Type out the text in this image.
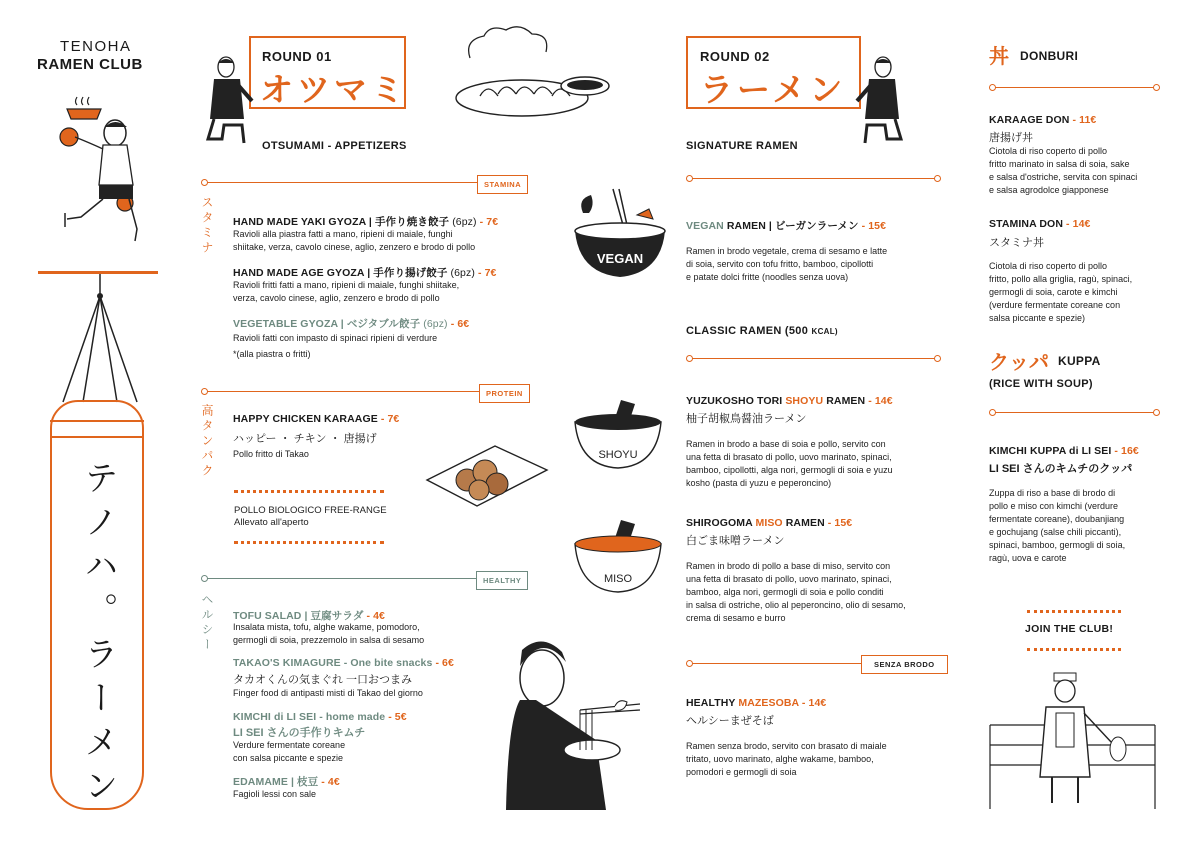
TENOHA
RAMEN CLUB
テノハ。ラーメン
ROUND 01
オツマミ
OTSUMAMI - APPETIZERS
STAMINA
スタミナ HAND MADE YAKI GYOZA | 手作り焼き餃子 (6pz) - 7€
Ravioli alla piastra fatti a mano, ripieni di maiale, funghi
shiitake, verza, cavolo cinese, aglio, zenzero e brodo di pollo
HAND MADE AGE GYOZA | 手作り揚げ餃子 (6pz) - 7€
Ravioli fritti fatti a mano, ripieni di maiale, funghi shiitake,
verza, cavolo cinese, aglio, zenzero e brodo di pollo
VEGETABLE GYOZA | ベジタブル餃子 (6pz) - 6€
Ravioli fatti con impasto di spinaci ripieni di verdure
*(alla piastra o fritti)
PROTEIN
高タンパク HAPPY CHICKEN KARAAGE - 7€
ハッピー ・ チキン ・ 唐揚げ
Pollo fritto di Takao
POLLO BIOLOGICO FREE-RANGE
Allevato all'aperto
HEALTHY
ヘルシー TOFU SALAD | 豆腐サラダ - 4€
Insalata mista, tofu, alghe wakame, pomodoro,
germogli di soia, prezzemolo in salsa di sesamo
TAKAO'S KIMAGURE - One bite snacks - 6€
タカオくんの気まぐれ 一口おつまみ
Finger food di antipasti misti di Takao del giorno
KIMCHI di LI SEI - home made - 5€
LI SEI さんの手作りキムチ
Verdure fermentate coreane
con salsa piccante e spezie
EDAMAME | 枝豆 - 4€
Fagioli lessi con sale
ROUND 02
ラーメン
SIGNATURE RAMEN
VEGAN
VEGAN RAMEN | ビーガンラーメン - 15€
Ramen in brodo vegetale, crema di sesamo e latte
di soia, servito con tofu fritto, bamboo, cipollotti
e patate dolci fritte (noodles senza uova)
CLASSIC RAMEN (500 KCAL)
SHOYU
YUZUKOSHO TORI SHOYU RAMEN - 14€
柚子胡椒鳥醤油ラーメン
Ramen in brodo a base di soia e pollo, servito con
una fetta di brasato di pollo, uovo marinato, spinaci,
bamboo, cipollotti, alga nori, germogli di soia e yuzu
kosho (pasta di yuzu e peperoncino)
MISO
SHIROGOMA MISO RAMEN - 15€
白ごま味噌ラーメン
Ramen in brodo di pollo a base di miso, servito con
una fetta di brasato di pollo, uovo marinato, spinaci,
bamboo, alga nori, germogli di soia e pollo conditi
in salsa di ostriche, olio al peperoncino, olio di sesamo,
crema di sesamo e burro
SENZA BRODO
HEALTHY MAZESOBA - 14€
ヘルシーまぜそば
Ramen senza brodo, servito con brasato di maiale
tritato, uovo marinato, alghe wakame, bamboo,
pomodori e germogli di soia
丼 DONBURI
KARAAGE DON - 11€
唐揚げ丼
Ciotola di riso coperto di pollo
fritto marinato in salsa di soia, sake
e salsa d'ostriche, servita con spinaci
e salsa agrodolce giapponese
STAMINA DON - 14€
スタミナ丼
Ciotola di riso coperto di pollo
fritto, pollo alla griglia, ragù, spinaci,
germogli di soia, carote e kimchi
(verdure fermentate coreane con
salsa piccante e spezie)
クッパ KUPPA
(RICE WITH SOUP)
KIMCHI KUPPA di LI SEI - 16€
LI SEI さんのキムチのクッパ
Zuppa di riso a base di brodo di
pollo e miso con kimchi (verdure
fermentate coreane), doubanjiang
e gochujang (salse chili piccanti),
spinaci, bamboo, germogli di soia,
ragù, uova e carote
JOIN THE CLUB!
